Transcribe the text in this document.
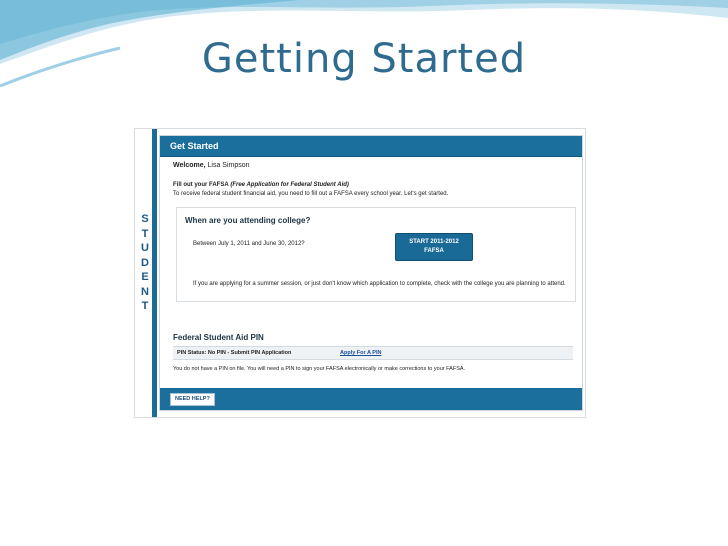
Getting Started
S
T
U
D
E
N
T
Get Started
Welcome, Lisa Simpson
Fill out your FAFSA (Free Application for Federal Student Aid)
To receive federal student financial aid, you need to fill out a FAFSA every school year. Let's get started.
When are you attending college?
Between July 1, 2011 and June 30, 2012?	START 2011-2012
FAFSA
If you are applying for a summer session, or just don't know which application to complete, check with the college you are planning to attend.
Federal Student Aid PIN
PIN Status: No PIN - Submit PIN Application	Apply For A PIN
You do not have a PIN on file. You will need a PIN to sign your FAFSA electronically or make corrections to your FAFSA.
NEED HELP?
